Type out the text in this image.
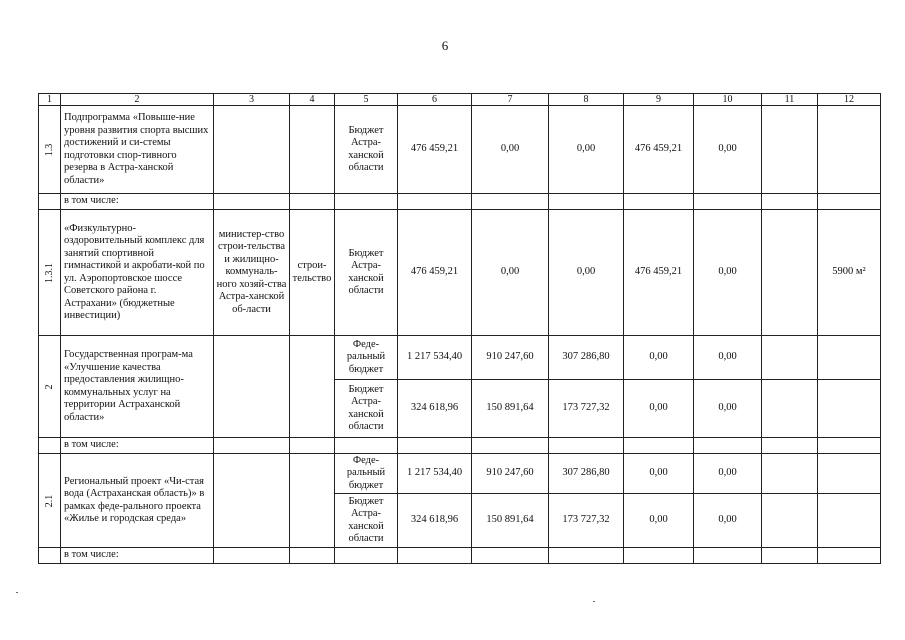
6
1	2	3	4	5	6	7	8	9	10	11	12

1.3	Подпрограмма «Повыше-ние уровня развития спорта высших достижений и си-стемы подготовки спор-тивного резерва в Астра-ханской области»			Бюджет Астра-ханской области	476 459,21	0,00	0,00	476 459,21	0,00		
	в том числе:										

1.3.1	«Физкультурно-оздоровительный комплекс для занятий спортивной гимнастикой и акробати-кой по ул. Аэропортовское шоссе Советского района г. Астрахани» (бюджетные инвестиции)	министер-ство строи-тельства и жилищно-коммуналь-ного хозяй-ства Астра-ханской об-ласти	строи-тельство	Бюджет Астра-ханской области	476 459,21	0,00	0,00	476 459,21	0,00		5900 м²

2	Государственная програм-ма «Улучшение качества предоставления жилищно-коммунальных услуг на территории Астраханской области»			Феде-ральный бюджет	1 217 534,40	910 247,60	307 286,80	0,00	0,00		
				Бюджет Астра-ханской области	324 618,96	150 891,64	173 727,32	0,00	0,00		
	в том числе:										

2.1	Региональный проект «Чи-стая вода (Астраханская область)» в рамках феде-рального проекта «Жилье и городская среда»			Феде-ральный бюджет	1 217 534,40	910 247,60	307 286,80	0,00	0,00		
				Бюджет Астра-ханской области	324 618,96	150 891,64	173 727,32	0,00	0,00		
	в том числе:										
